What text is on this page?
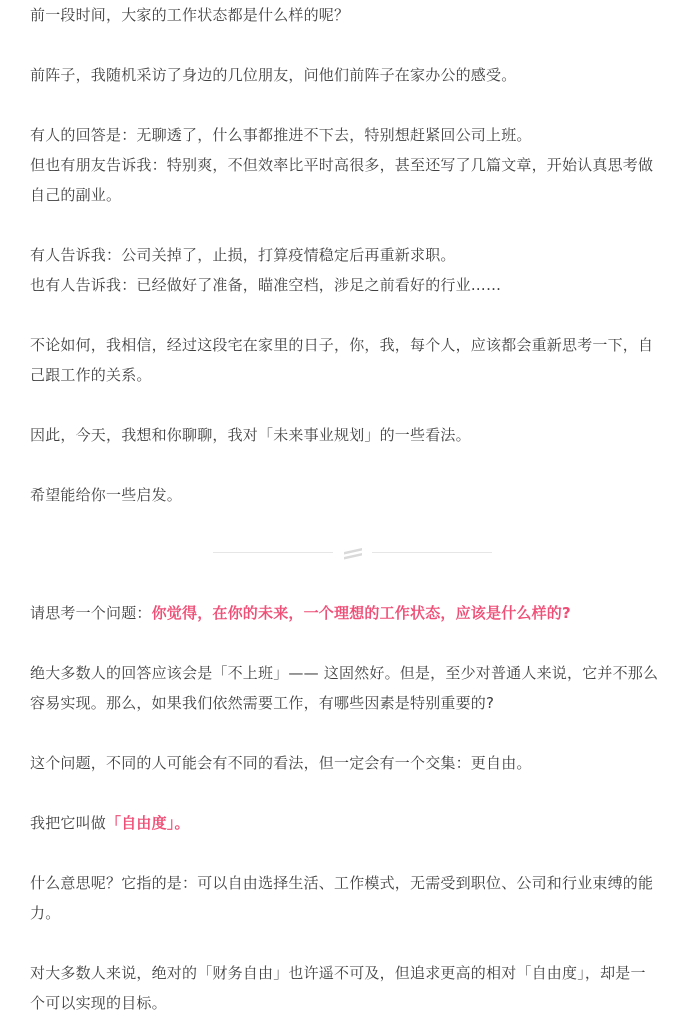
前一段时间，大家的工作状态都是什么样的呢？

前阵子，我随机采访了身边的几位朋友，问他们前阵子在家办公的感受。

有人的回答是：无聊透了，什么事都推进不下去，特别想赶紧回公司上班。

但也有朋友告诉我：特别爽，不但效率比平时高很多，甚至还写了几篇文章，开始认真思考做

自己的副业。

有人告诉我：公司关掉了，止损，打算疫情稳定后再重新求职。

也有人告诉我：已经做好了准备，瞄准空档，涉足之前看好的行业……

不论如何，我相信，经过这段宅在家里的日子，你，我，每个人，应该都会重新思考一下，自

己跟工作的关系。

因此，今天，我想和你聊聊，我对「未来事业规划」的一些看法。

希望能给你一些启发。

请思考一个问题：你觉得，在你的未来，一个理想的工作状态，应该是什么样的?

绝大多数人的回答应该会是「不上班」—— 这固然好。但是，至少对普通人来说，它并不那么

容易实现。那么，如果我们依然需要工作，有哪些因素是特别重要的?

这个问题，不同的人可能会有不同的看法，但一定会有一个交集：更自由。

我把它叫做「自由度」。

什么意思呢？它指的是：可以自由选择生活、工作模式，无需受到职位、公司和行业束缚的能

力。

对大多数人来说，绝对的「财务自由」也许遥不可及，但追求更高的相对「自由度」，却是一

个可以实现的目标。
